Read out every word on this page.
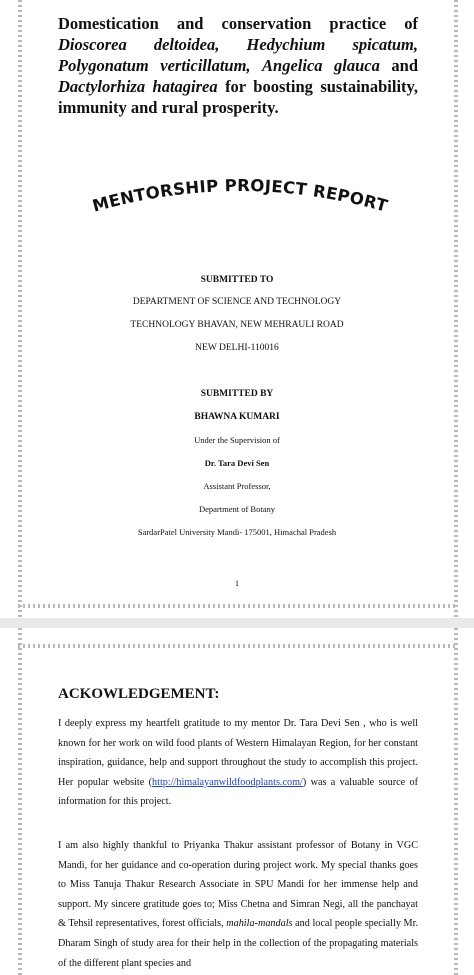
Domestication and conservation practice of Dioscorea deltoidea, Hedychium spicatum, Polygonatum verticillatum, Angelica glauca and Dactylorhiza hatagirea for boosting sustainability, immunity and rural prosperity.
MENTORSHIP PROJECT REPORT
SUBMITTED TO
DEPARTMENT OF SCIENCE AND TECHNOLOGY
TECHNOLOGY BHAVAN, NEW MEHRAULI ROAD
NEW DELHI-110016
SUBMITTED BY
BHAWNA KUMARI
Under the Supervision of
Dr. Tara Devi Sen
Assistant Professor,
Department of Botany
SardarPatel University Mandi- 175001, Himachal Pradesh
1
ACKOWLEDGEMENT:
I deeply express my heartfelt gratitude to my mentor Dr. Tara Devi Sen , who is well known for her work on wild food plants of Western Himalayan Region, for her constant inspiration, guidance, help and support throughout the study to accomplish this project. Her popular website (http://himalayanwildfoodplants.com/) was a valuable source of information for this project.
I am also highly thankful to Priyanka Thakur assistant professor of Botany in VGC Mandi, for her guidance and co-operation during project work. My special thanks goes to Miss Tanuja Thakur Research Associate in SPU Mandi for her immense help and support. My sincere gratitude goes to; Miss Chetna and Simran Negi, all the panchayat & Tehsil representatives, forest officials, mahila-mandals and local people specially Mr. Dharam Singh of study area for their help in the collection of the propagating materials of the different plant species and
